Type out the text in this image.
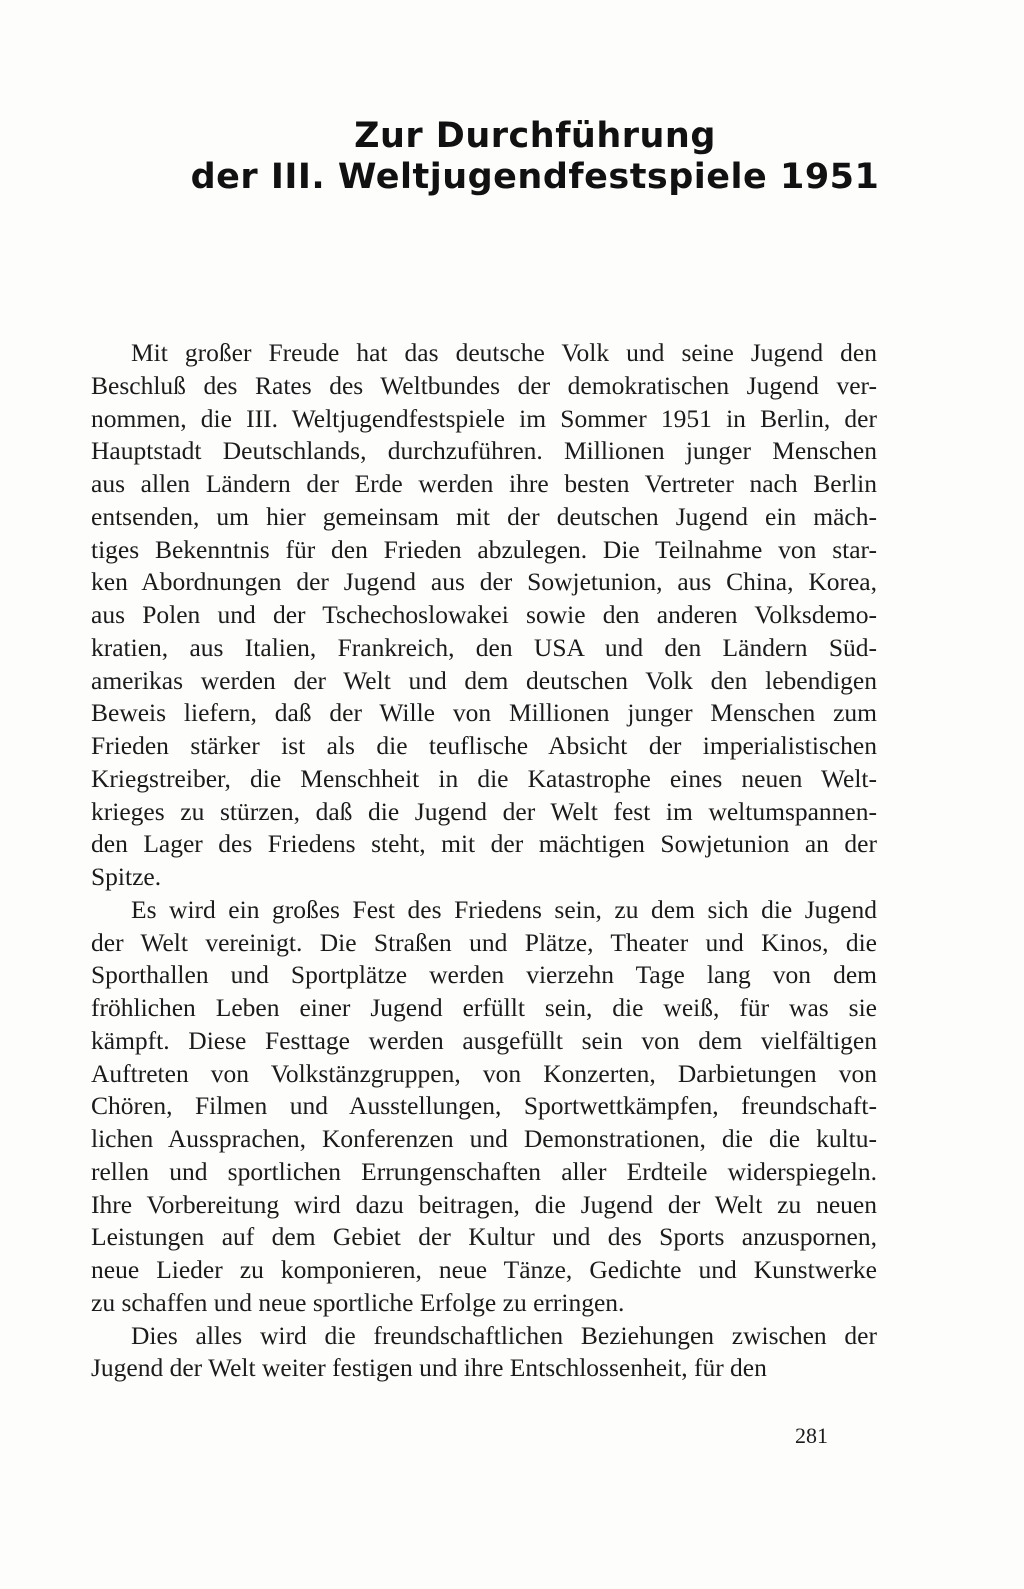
Zur Durchführung
der III. Weltjugendfestspiele 1951
Mit großer Freude hat das deutsche Volk und seine Jugend den
Beschluß des Rates des Weltbundes der demokratischen Jugend ver-
nommen, die III. Weltjugendfestspiele im Sommer 1951 in Berlin, der
Hauptstadt Deutschlands, durchzuführen. Millionen junger Menschen
aus allen Ländern der Erde werden ihre besten Vertreter nach Berlin
entsenden, um hier gemeinsam mit der deutschen Jugend ein mäch-
tiges Bekenntnis für den Frieden abzulegen. Die Teilnahme von star-
ken Abordnungen der Jugend aus der Sowjetunion, aus China, Korea,
aus Polen und der Tschechoslowakei sowie den anderen Volksdemo-
kratien, aus Italien, Frankreich, den USA und den Ländern Süd-
amerikas werden der Welt und dem deutschen Volk den lebendigen
Beweis liefern, daß der Wille von Millionen junger Menschen zum
Frieden stärker ist als die teuflische Absicht der imperialistischen
Kriegstreiber, die Menschheit in die Katastrophe eines neuen Welt-
krieges zu stürzen, daß die Jugend der Welt fest im weltumspannen-
den Lager des Friedens steht, mit der mächtigen Sowjetunion an der
Spitze.
Es wird ein großes Fest des Friedens sein, zu dem sich die Jugend
der Welt vereinigt. Die Straßen und Plätze, Theater und Kinos, die
Sporthallen und Sportplätze werden vierzehn Tage lang von dem
fröhlichen Leben einer Jugend erfüllt sein, die weiß, für was sie
kämpft. Diese Festtage werden ausgefüllt sein von dem vielfältigen
Auftreten von Volkstänzgruppen, von Konzerten, Darbietungen von
Chören, Filmen und Ausstellungen, Sportwettkämpfen, freundschaft-
lichen Aussprachen, Konferenzen und Demonstrationen, die die kultu-
rellen und sportlichen Errungenschaften aller Erdteile widerspiegeln.
Ihre Vorbereitung wird dazu beitragen, die Jugend der Welt zu neuen
Leistungen auf dem Gebiet der Kultur und des Sports anzuspornen,
neue Lieder zu komponieren, neue Tänze, Gedichte und Kunstwerke
zu schaffen und neue sportliche Erfolge zu erringen.
Dies alles wird die freundschaftlichen Beziehungen zwischen der
Jugend der Welt weiter festigen und ihre Entschlossenheit, für den
281
